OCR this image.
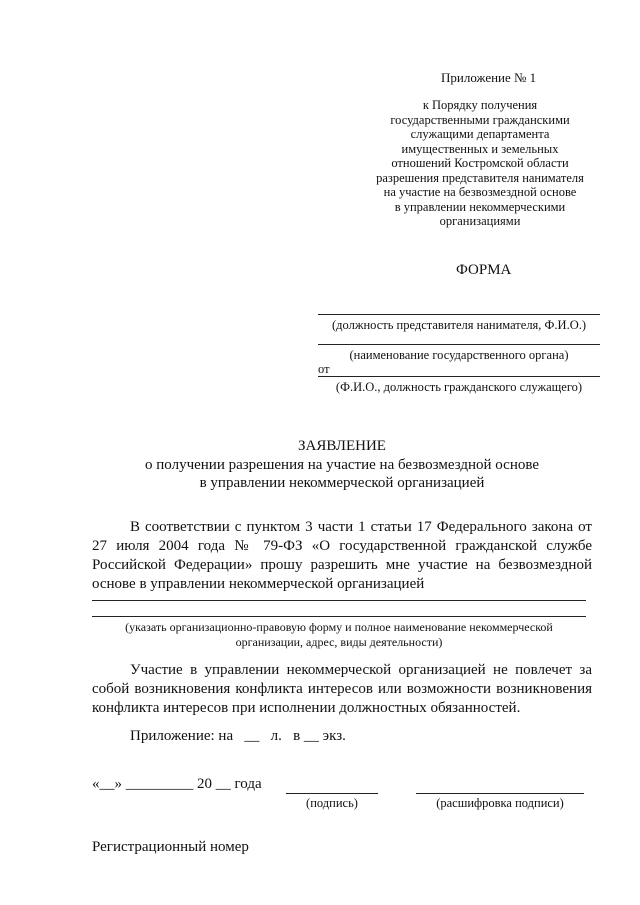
Приложение № 1
к Порядку получения
государственными гражданскими
служащими департамента
имущественных и земельных
отношений Костромской области
разрешения представителя нанимателя
на участие на безвозмездной основе
в управлении некоммерческими
организациями
ФОРМА
(должность представителя нанимателя, Ф.И.О.)
(наименование государственного органа)
от
(Ф.И.О., должность гражданского служащего)
ЗАЯВЛЕНИЕ
о получении разрешения на участие на безвозмездной основе
в управлении некоммерческой организацией
В соответствии с пунктом 3 части 1 статьи 17 Федерального закона от
27 июля 2004 года № 79-ФЗ «О государственной гражданской службе
Российской Федерации» прошу разрешить мне участие на безвозмездной
основе в управлении некоммерческой организацией
(указать организационно-правовую форму и полное наименование некоммерческой
организации, адрес, виды деятельности)
Участие в управлении некоммерческой организацией не повлечет за
собой возникновения конфликта интересов или возможности возникновения
конфликта интересов при исполнении должностных обязанностей.
Приложение: на   __   л.   в __ экз.
«__» _________ 20 __ года
(подпись)	(расшифровка подписи)
Регистрационный номер
